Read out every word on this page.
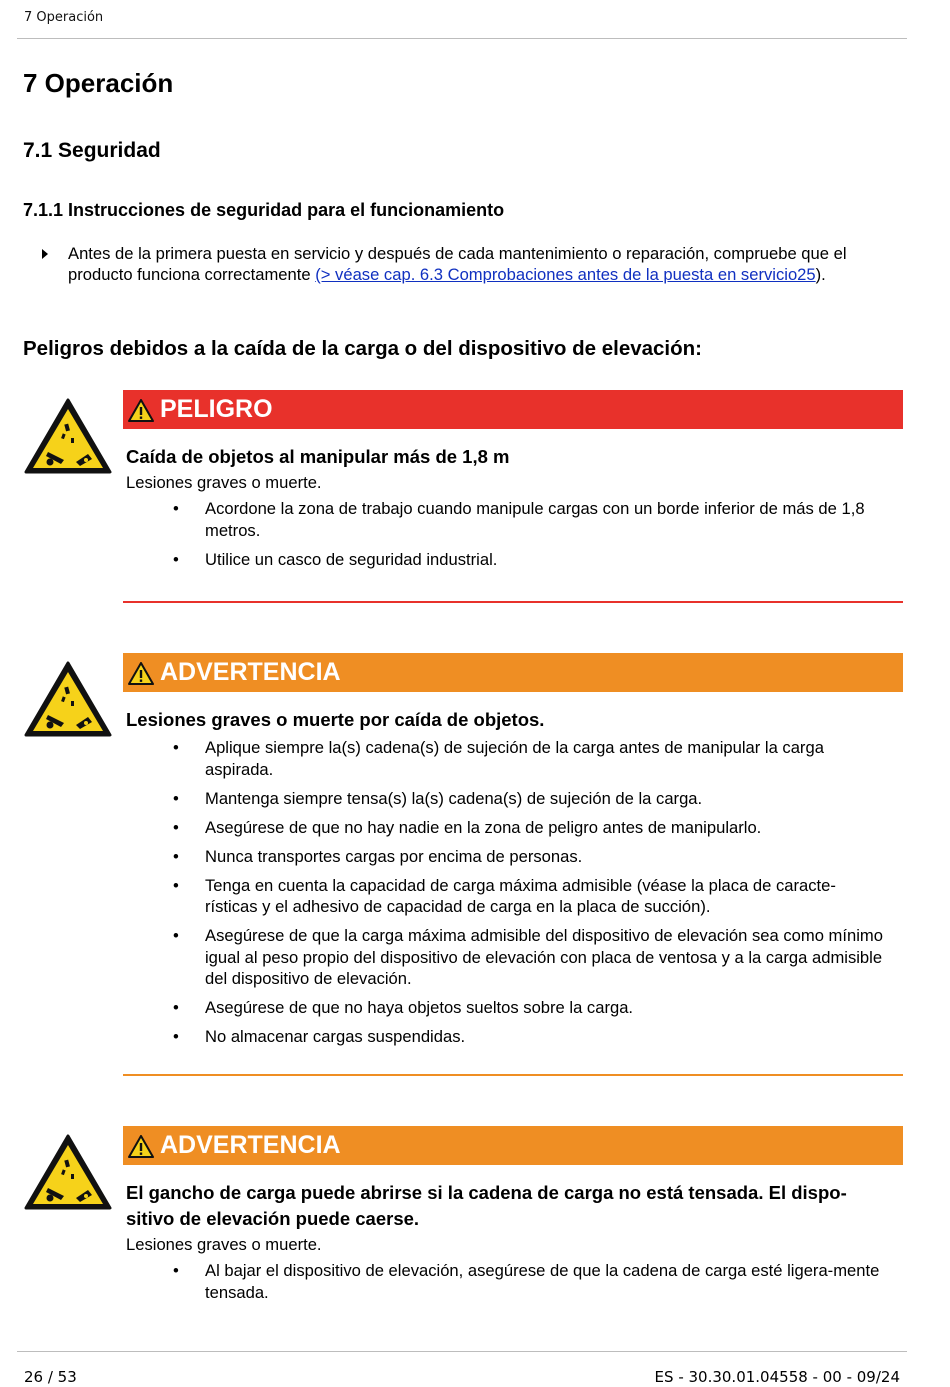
7 Operación
7 Operación
7.1 Seguridad
7.1.1 Instrucciones de seguridad para el funcionamiento
Antes de la primera puesta en servicio y después de cada mantenimiento o reparación, compruebe que el producto funciona correctamente (> véase cap. 6.3 Comprobaciones antes de la puesta en servicio25).
Peligros debidos a la caída de la carga o del dispositivo de elevación:
PELIGRO
Caída de objetos al manipular más de 1,8 m
Lesiones graves o muerte.
• Acordone la zona de trabajo cuando manipule cargas con un borde inferior de más de 1,8 metros.
• Utilice un casco de seguridad industrial.
ADVERTENCIA
Lesiones graves o muerte por caída de objetos.
• Aplique siempre la(s) cadena(s) de sujeción de la carga antes de manipular la carga aspirada.
• Mantenga siempre tensa(s) la(s) cadena(s) de sujeción de la carga.
• Asegúrese de que no hay nadie en la zona de peligro antes de manipularlo.
• Nunca transportes cargas por encima de personas.
• Tenga en cuenta la capacidad de carga máxima admisible (véase la placa de caracte-rísticas y el adhesivo de capacidad de carga en la placa de succión).
• Asegúrese de que la carga máxima admisible del dispositivo de elevación sea como mínimo igual al peso propio del dispositivo de elevación con placa de ventosa y a la carga admisible del dispositivo de elevación.
• Asegúrese de que no haya objetos sueltos sobre la carga.
• No almacenar cargas suspendidas.
ADVERTENCIA
El gancho de carga puede abrirse si la cadena de carga no está tensada. El dispo-sitivo de elevación puede caerse.
Lesiones graves o muerte.
• Al bajar el dispositivo de elevación, asegúrese de que la cadena de carga esté ligera-mente tensada.
26 / 53	ES - 30.30.01.04558 - 00 - 09/24
